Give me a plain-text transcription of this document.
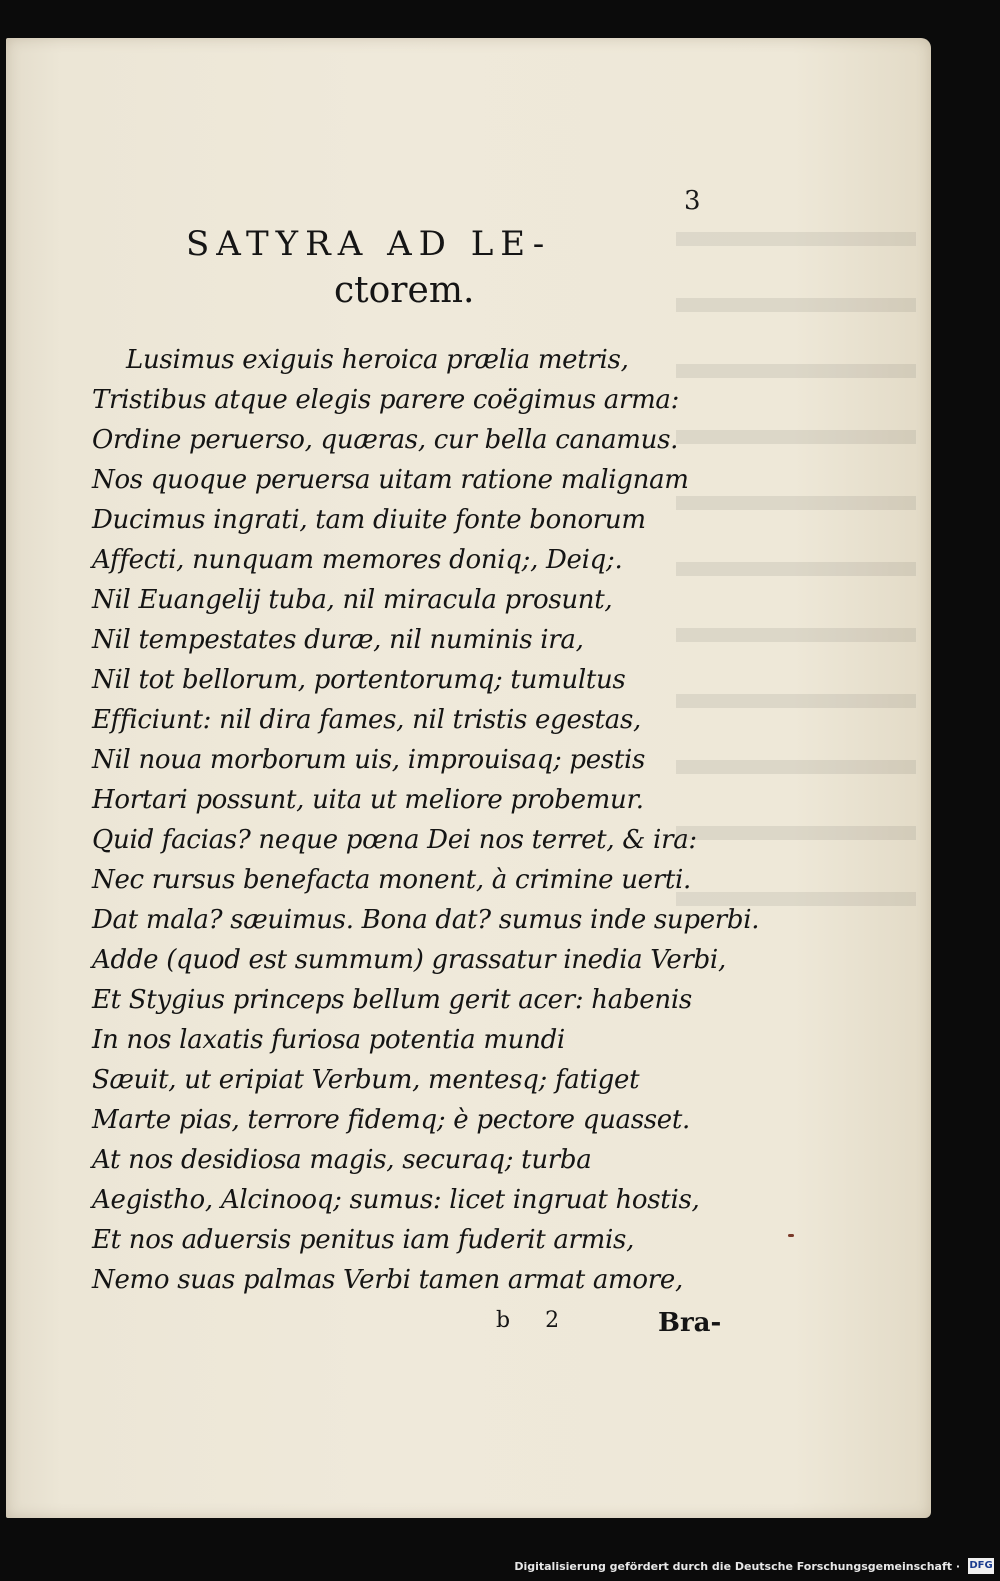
3
SATYRA AD LE-
ctorem.
Lusimus exiguis heroica prælia metris,
Tristibus atque elegis parere coëgimus arma:
Ordine peruerso, quæras, cur bella canamus.
Nos quoque peruersa uitam ratione malignam
Ducimus ingrati, tam diuite fonte bonorum
Affecti, nunquam memores doniq;, Deiq;.
Nil Euangelij tuba, nil miracula prosunt,
Nil tempestates duræ, nil numinis ira,
Nil tot bellorum, portentorumq; tumultus
Efficiunt: nil dira fames, nil tristis egestas,
Nil noua morborum uis, improuisaq; pestis
Hortari possunt, uita ut meliore probemur.
Quid facias? neque pœna Dei nos terret, & ira:
Nec rursus benefacta monent, à crimine uerti.
Dat mala? sæuimus. Bona dat? sumus inde superbi.
Adde (quod est summum) grassatur inedia Verbi,
Et Stygius princeps bellum gerit acer: habenis
In nos laxatis furiosa potentia mundi
Sæuit, ut eripiat Verbum, mentesq; fatiget
Marte pias, terrore fidemq; è pectore quasset.
At nos desidiosa magis, securaq; turba
Aegistho, Alcinooq; sumus: licet ingruat hostis,
Et nos aduersis penitus iam fuderit armis,
Nemo suas palmas Verbi tamen armat amore,
b 2	Bra-
Digitalisierung gefördert durch die Deutsche Forschungsgemeinschaft · DFG
